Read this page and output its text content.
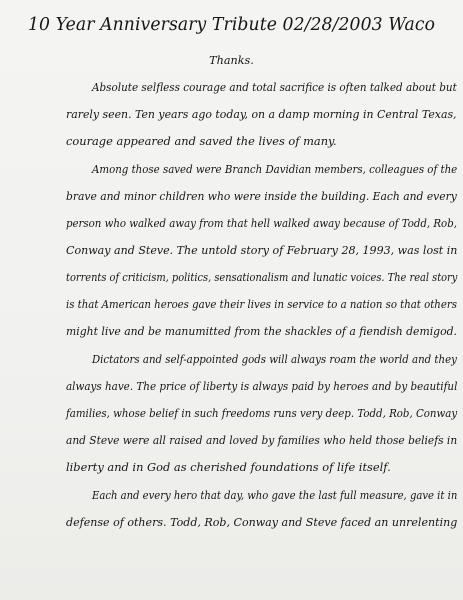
10 Year Anniversary Tribute 02/28/2003 Waco
Thanks.
Absolute selfless courage and total sacrifice is often talked about but
rarely seen. Ten years ago today, on a damp morning in Central Texas,
courage appeared and saved the lives of many.
Among those saved were Branch Davidian members, colleagues of the
brave and minor children who were inside the building. Each and every
person who walked away from that hell walked away because of Todd, Rob,
Conway and Steve. The untold story of February 28, 1993, was lost in
torrents of criticism, politics, sensationalism and lunatic voices. The real story
is that American heroes gave their lives in service to a nation so that others
might live and be manumitted from the shackles of a fiendish demigod.
Dictators and self-appointed gods will always roam the world and they
always have. The price of liberty is always paid by heroes and by beautiful
families, whose belief in such freedoms runs very deep. Todd, Rob, Conway
and Steve were all raised and loved by families who held those beliefs in
liberty and in God as cherished foundations of life itself.
Each and every hero that day, who gave the last full measure, gave it in
defense of others. Todd, Rob, Conway and Steve faced an unrelenting
